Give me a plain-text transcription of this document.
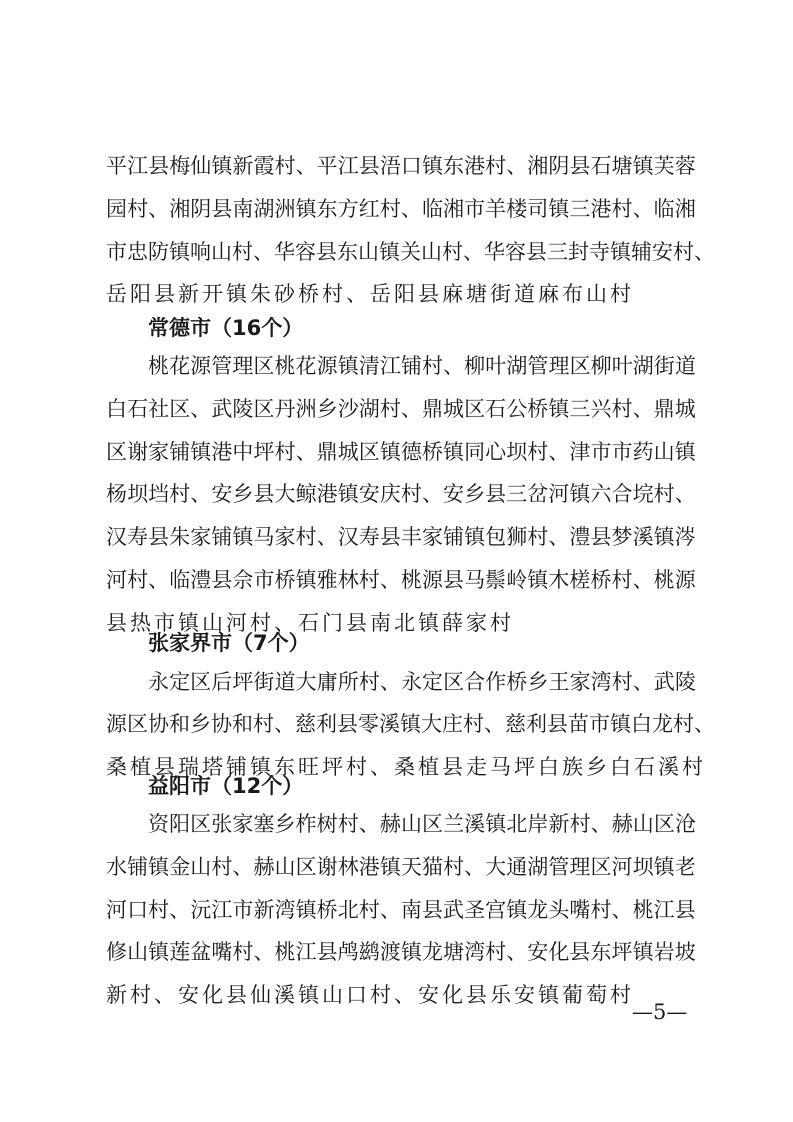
平 江 县 梅 仙 镇 新 霞 村 、 平 江 县 浯 口 镇 东 港 村 、 湘 阴 县 石 塘 镇 芙 蓉
园 村 、 湘 阴 县 南 湖 洲 镇 东 方 红 村 、 临 湘 市 羊 楼 司 镇 三 港 村 、 临 湘
市 忠 防 镇 响 山 村 、 华 容 县 东 山 镇 关 山 村 、 华 容 县 三 封 寺 镇 辅 安 村 、
岳 阳 县 新 开 镇 朱 砂 桥 村 、 岳 阳 县 麻 塘 街 道 麻 布 山 村
常德市（16个）
桃 花 源 管 理 区 桃 花 源 镇 清 江 铺 村 、 柳 叶 湖 管 理 区 柳 叶 湖 街 道
白 石 社 区 、 武 陵 区 丹 洲 乡 沙 湖 村 、 鼎 城 区 石 公 桥 镇 三 兴 村 、 鼎 城
区 谢 家 铺 镇 港 中 坪 村 、 鼎 城 区 镇 德 桥 镇 同 心 坝 村 、 津 市 市 药 山 镇
杨 坝 垱 村 、 安 乡 县 大 鲸 港 镇 安 庆 村 、 安 乡 县 三 岔 河 镇 六 合 垸 村 、
汉 寿 县 朱 家 铺 镇 马 家 村 、 汉 寿 县 丰 家 铺 镇 包 狮 村 、 澧 县 梦 溪 镇 涔
河 村 、 临 澧 县 佘 市 桥 镇 雅 林 村 、 桃 源 县 马 鬃 岭 镇 木 槎 桥 村 、 桃 源
县 热 市 镇 山 河 村 、 石 门 县 南 北 镇 薛 家 村
张家界市（7个）
永 定 区 后 坪 街 道 大 庸 所 村 、 永 定 区 合 作 桥 乡 王 家 湾 村 、 武 陵
源 区 协 和 乡 协 和 村 、 慈 利 县 零 溪 镇 大 庄 村 、 慈 利 县 苗 市 镇 白 龙 村 、
桑 植 县 瑞 塔 铺 镇 东 旺 坪 村 、 桑 植 县 走 马 坪 白 族 乡 白 石 溪 村
益阳市（12个）
资 阳 区 张 家 塞 乡 柞 树 村 、 赫 山 区 兰 溪 镇 北 岸 新 村 、 赫 山 区 沧
水 铺 镇 金 山 村 、 赫 山 区 谢 林 港 镇 天 猫 村 、 大 通 湖 管 理 区 河 坝 镇 老
河 口 村 、 沅 江 市 新 湾 镇 桥 北 村 、 南 县 武 圣 宫 镇 龙 头 嘴 村 、 桃 江 县
修 山 镇 莲 盆 嘴 村 、 桃 江 县 鸬 鹚 渡 镇 龙 塘 湾 村 、 安 化 县 东 坪 镇 岩 坡
新 村 、 安 化 县 仙 溪 镇 山 口 村 、 安 化 县 乐 安 镇 葡 萄 村
—5—
